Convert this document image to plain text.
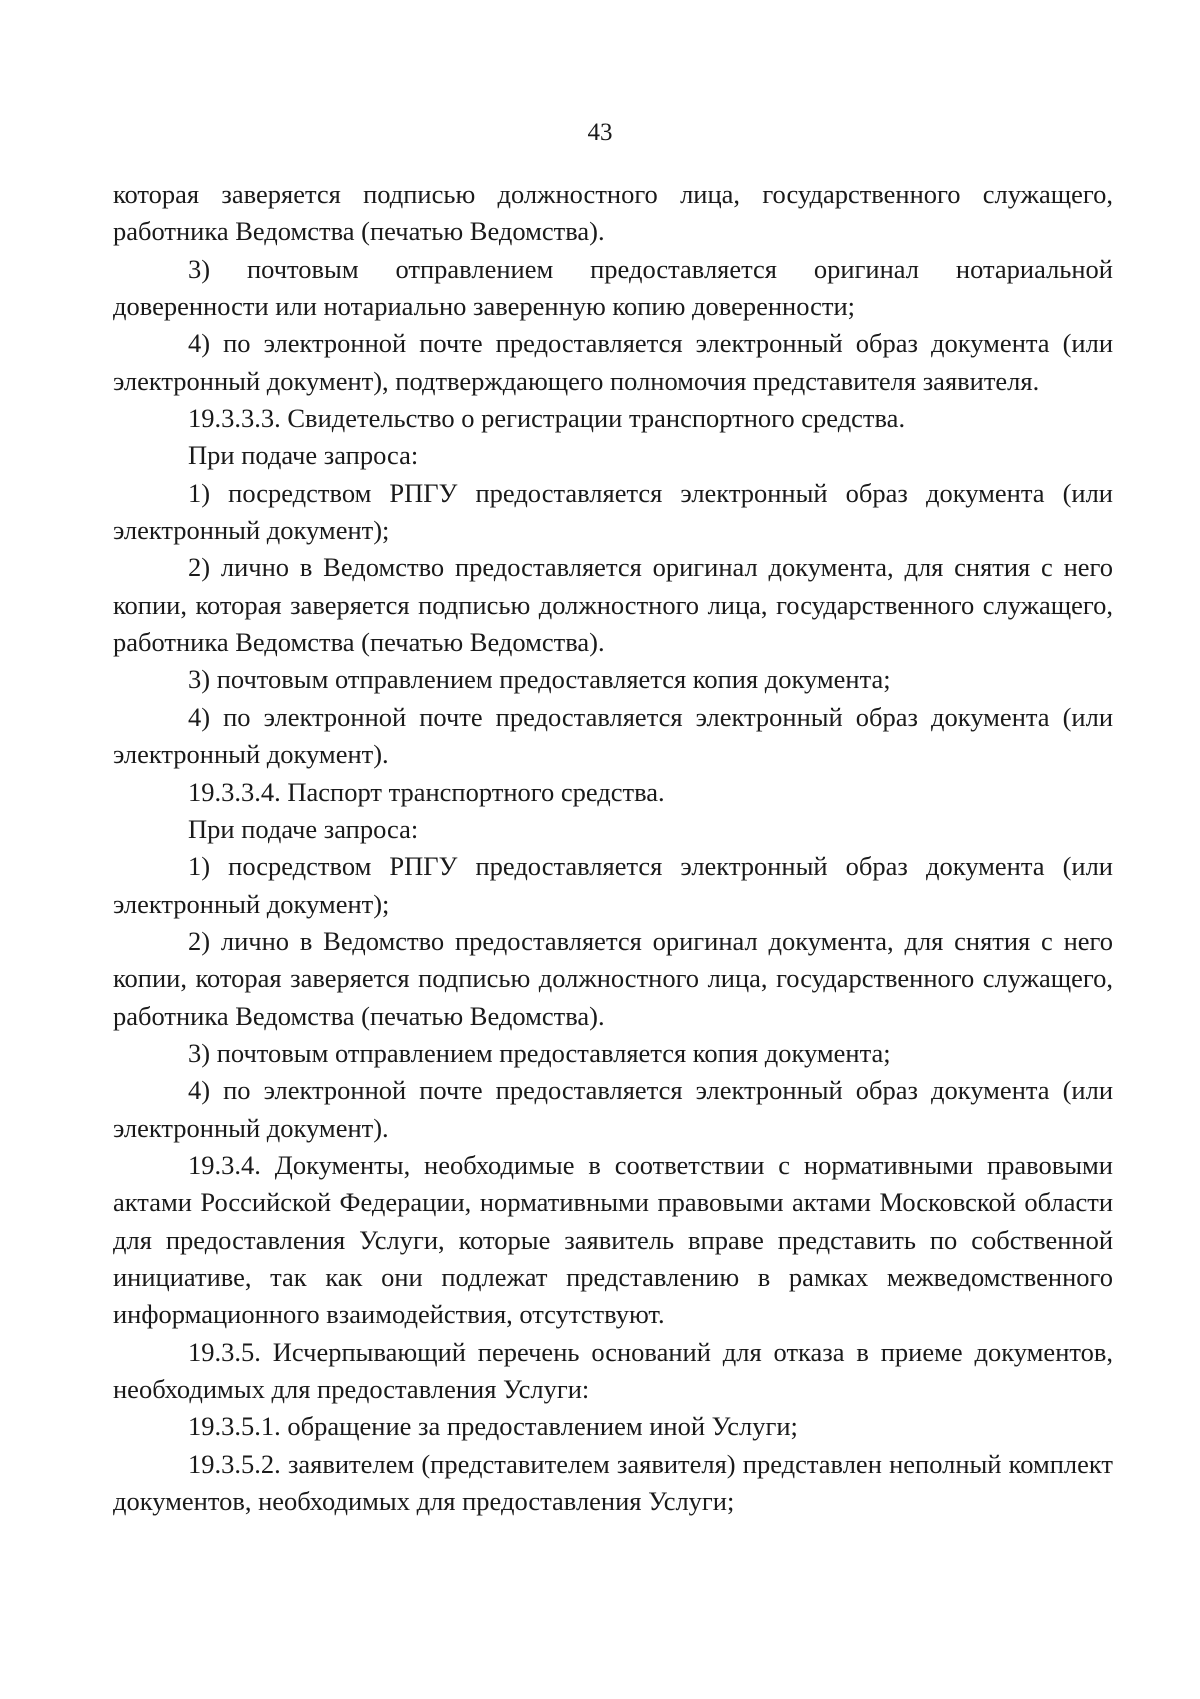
43

которая заверяется подписью должностного лица, государственного служащего, работника Ведомства (печатью Ведомства).

3) почтовым отправлением предоставляется оригинал нотариальной доверенности или нотариально заверенную копию доверенности;

4) по электронной почте предоставляется электронный образ документа (или электронный документ), подтверждающего полномочия представителя заявителя.

19.3.3.3. Свидетельство о регистрации транспортного средства.

При подаче запроса:

1) посредством РПГУ предоставляется электронный образ документа (или электронный документ);

2) лично в Ведомство предоставляется оригинал документа, для снятия с него копии, которая заверяется подписью должностного лица, государственного служащего, работника Ведомства (печатью Ведомства).

3) почтовым отправлением предоставляется копия документа;

4) по электронной почте предоставляется электронный образ документа (или электронный документ).

19.3.3.4. Паспорт транспортного средства.

При подаче запроса:

1) посредством РПГУ предоставляется электронный образ документа (или электронный документ);

2) лично в Ведомство предоставляется оригинал документа, для снятия с него копии, которая заверяется подписью должностного лица, государственного служащего, работника Ведомства (печатью Ведомства).

3) почтовым отправлением предоставляется копия документа;

4) по электронной почте предоставляется электронный образ документа (или электронный документ).

19.3.4. Документы, необходимые в соответствии с нормативными правовыми актами Российской Федерации, нормативными правовыми актами Московской области для предоставления Услуги, которые заявитель вправе представить по собственной инициативе, так как они подлежат представлению в рамках межведомственного информационного взаимодействия, отсутствуют.

19.3.5. Исчерпывающий перечень оснований для отказа в приеме документов, необходимых для предоставления Услуги:

19.3.5.1. обращение за предоставлением иной Услуги;

19.3.5.2. заявителем (представителем заявителя) представлен неполный комплект документов, необходимых для предоставления Услуги;
